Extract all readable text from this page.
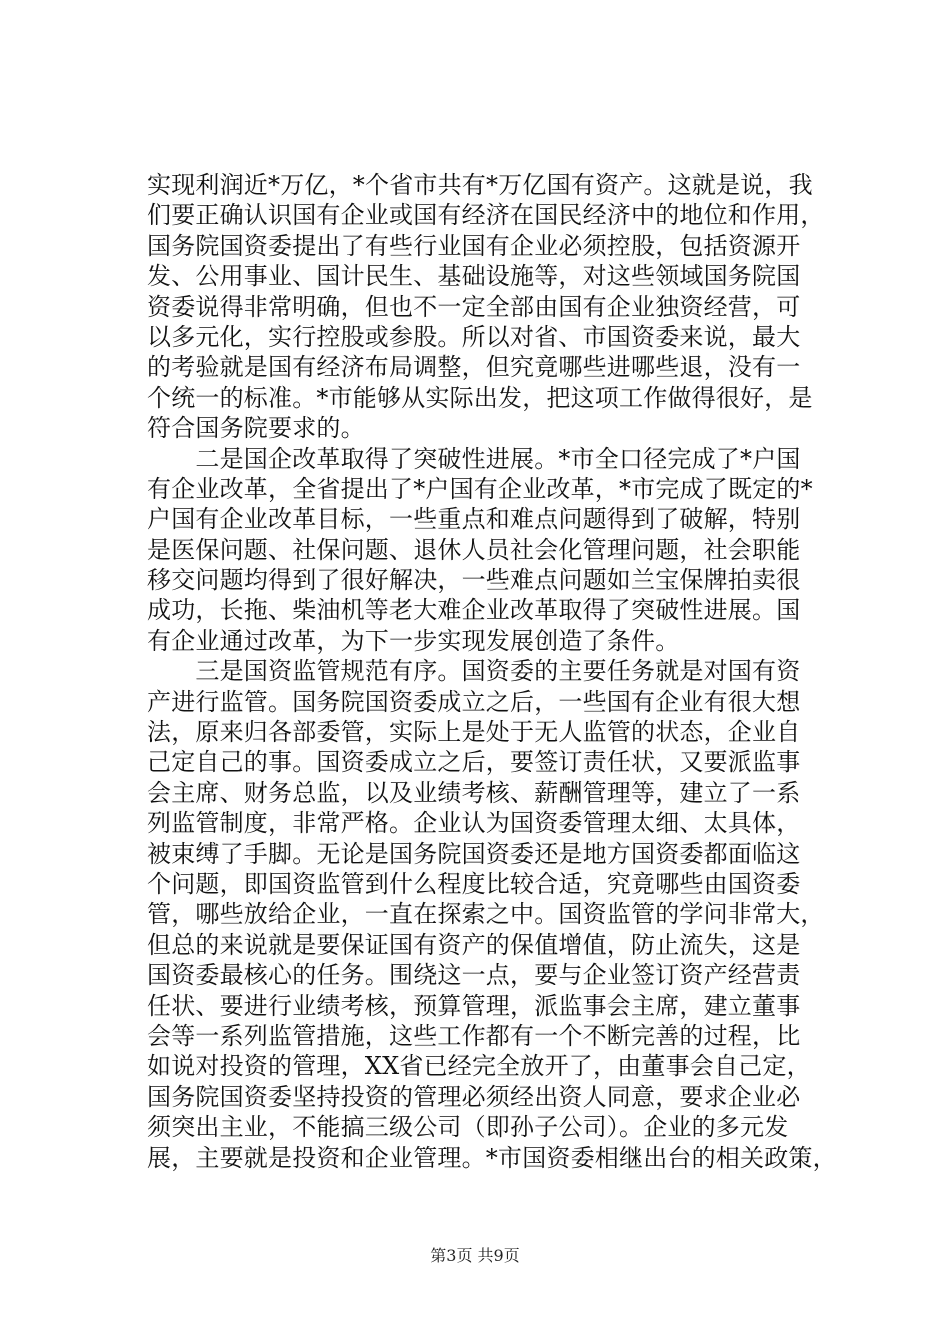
实现利润近*万亿，*个省市共有*万亿国有资产。这就是说，我
们要正确认识国有企业或国有经济在国民经济中的地位和作用，
国务院国资委提出了有些行业国有企业必须控股，包括资源开
发、公用事业、国计民生、基础设施等，对这些领域国务院国
资委说得非常明确，但也不一定全部由国有企业独资经营，可
以多元化，实行控股或参股。所以对省、市国资委来说，最大
的考验就是国有经济布局调整，但究竟哪些进哪些退，没有一
个统一的标准。*市能够从实际出发，把这项工作做得很好，是
符合国务院要求的。
　　二是国企改革取得了突破性进展。*市全口径完成了*户国
有企业改革，全省提出了*户国有企业改革，*市完成了既定的*
户国有企业改革目标，一些重点和难点问题得到了破解，特别
是医保问题、社保问题、退休人员社会化管理问题，社会职能
移交问题均得到了很好解决，一些难点问题如兰宝保牌拍卖很
成功，长拖、柴油机等老大难企业改革取得了突破性进展。国
有企业通过改革，为下一步实现发展创造了条件。
　　三是国资监管规范有序。国资委的主要任务就是对国有资
产进行监管。国务院国资委成立之后，一些国有企业有很大想
法，原来归各部委管，实际上是处于无人监管的状态，企业自
己定自己的事。国资委成立之后，要签订责任状，又要派监事
会主席、财务总监，以及业绩考核、薪酬管理等，建立了一系
列监管制度，非常严格。企业认为国资委管理太细、太具体，
被束缚了手脚。无论是国务院国资委还是地方国资委都面临这
个问题，即国资监管到什么程度比较合适，究竟哪些由国资委
管，哪些放给企业，一直在探索之中。国资监管的学问非常大，
但总的来说就是要保证国有资产的保值增值，防止流失，这是
国资委最核心的任务。围绕这一点，要与企业签订资产经营责
任状、要进行业绩考核，预算管理，派监事会主席，建立董事
会等一系列监管措施，这些工作都有一个不断完善的过程，比
如说对投资的管理，XX省已经完全放开了，由董事会自己定，
国务院国资委坚持投资的管理必须经出资人同意，要求企业必
须突出主业，不能搞三级公司（即孙子公司）。企业的多元发
展，主要就是投资和企业管理。*市国资委相继出台的相关政策，
第3页 共9页
